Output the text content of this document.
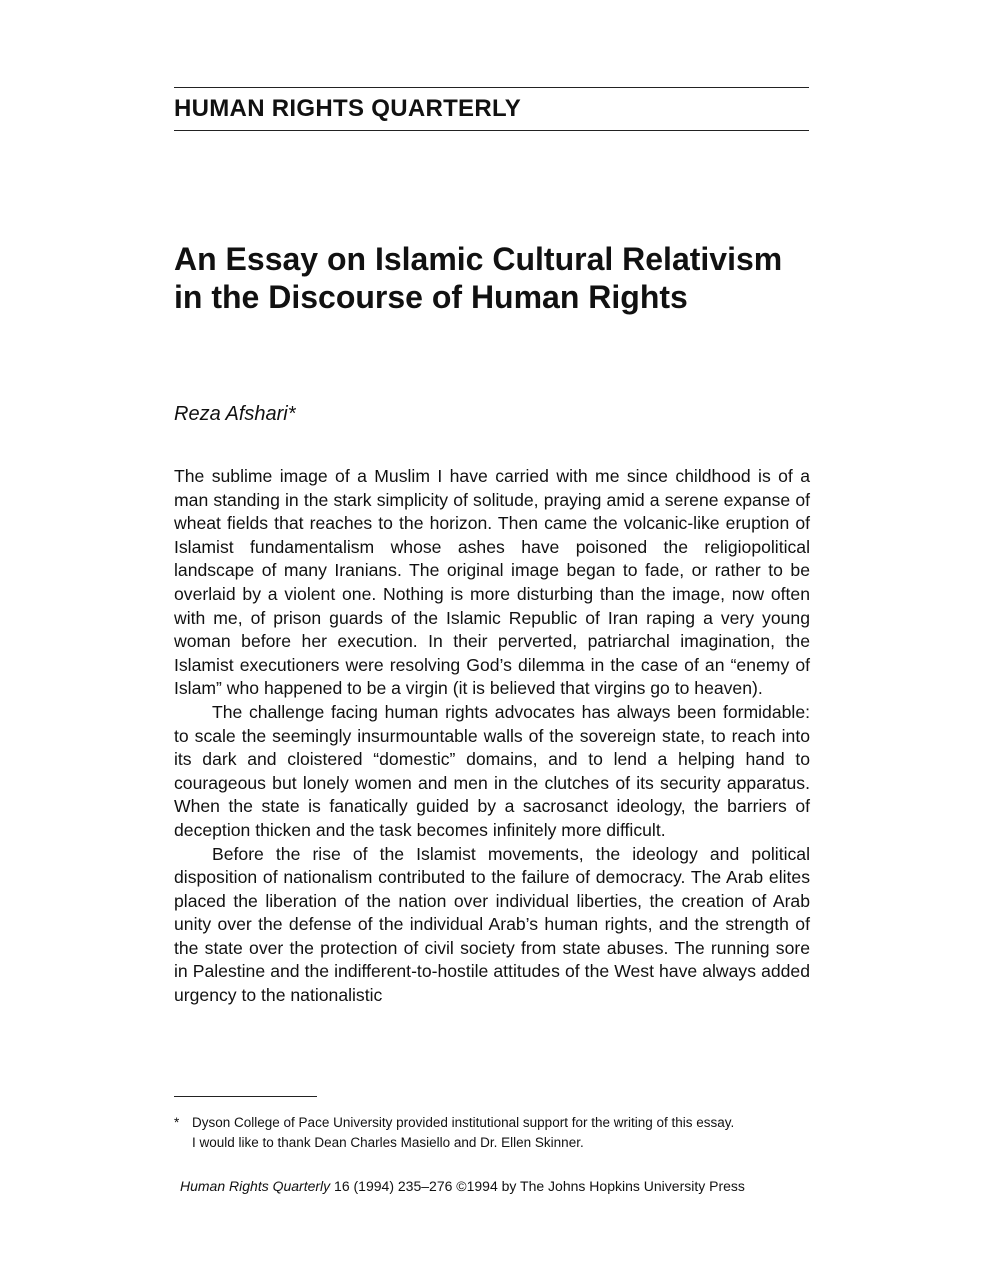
HUMAN RIGHTS QUARTERLY
An Essay on Islamic Cultural Relativism
in the Discourse of Human Rights

Reza Afshari*

The sublime image of a Muslim I have carried with me since childhood is of a man standing in the stark simplicity of solitude, praying amid a serene expanse of wheat fields that reaches to the horizon. Then came the volcanic-like eruption of Islamist fundamentalism whose ashes have poisoned the religiopolitical landscape of many Iranians. The original image began to fade, or rather to be overlaid by a violent one. Nothing is more disturbing than the image, now often with me, of prison guards of the Islamic Republic of Iran raping a very young woman before her execution. In their perverted, patriarchal imagination, the Islamist executioners were resolving God’s dilemma in the case of an “enemy of Islam” who happened to be a virgin (it is believed that virgins go to heaven).

The challenge facing human rights advocates has always been formidable: to scale the seemingly insurmountable walls of the sovereign state, to reach into its dark and cloistered “domestic” domains, and to lend a helping hand to courageous but lonely women and men in the clutches of its security apparatus. When the state is fanatically guided by a sacrosanct ideology, the barriers of deception thicken and the task becomes infinitely more difficult.

Before the rise of the Islamist movements, the ideology and political disposition of nationalism contributed to the failure of democracy. The Arab elites placed the liberation of the nation over individual liberties, the creation of Arab unity over the defense of the individual Arab’s human rights, and the strength of the state over the protection of civil society from state abuses. The running sore in Palestine and the indifferent-to-hostile attitudes of the West have always added urgency to the nationalistic

* Dyson College of Pace University provided institutional support for the writing of this essay.
I would like to thank Dean Charles Masiello and Dr. Ellen Skinner.

Human Rights Quarterly 16 (1994) 235–276 ©1994 by The Johns Hopkins University Press
